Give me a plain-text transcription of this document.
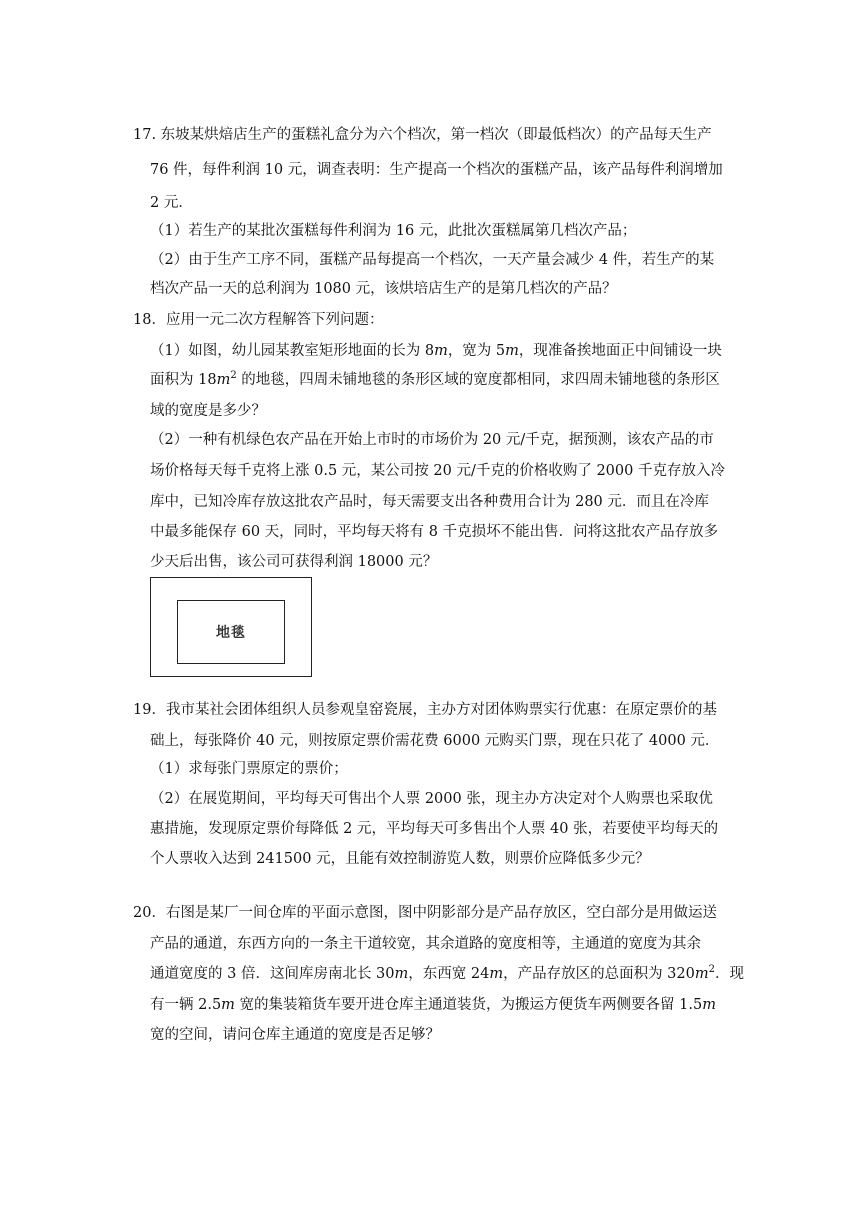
17. 东坡某烘焙店生产的蛋糕礼盒分为六个档次，第一档次（即最低档次）的产品每天生产
76 件，每件利润 10 元，调查表明：生产提高一个档次的蛋糕产品，该产品每件利润增加
2 元．
（1）若生产的某批次蛋糕每件利润为 16 元，此批次蛋糕属第几档次产品；
（2）由于生产工序不同，蛋糕产品每提高一个档次，一天产量会减少 4 件，若生产的某
档次产品一天的总利润为 1080 元，该烘培店生产的是第几档次的产品？
18．应用一元二次方程解答下列问题：
（1）如图，幼儿园某教室矩形地面的长为 8m，宽为 5m，现准备挨地面正中间铺设一块
面积为 $18m^2$ 的地毯，四周未铺地毯的条形区域的宽度都相同，求四周未铺地毯的条形区
域的宽度是多少？
（2）一种有机绿色农产品在开始上市时的市场价为 20 元/千克，据预测，该农产品的市
场价格每天每千克将上涨 0.5 元，某公司按 20 元/千克的价格收购了 2000 千克存放入冷
库中，已知冷库存放这批农产品时，每天需要支出各种费用合计为 280 元．而且在冷库
中最多能保存 60 天，同时，平均每天将有 8 千克损坏不能出售．问将这批农产品存放多
少天后出售，该公司可获得利润 18000 元？
地毯
19．我市某社会团体组织人员参观皇窑瓷展，主办方对团体购票实行优惠：在原定票价的基
础上，每张降价 40 元，则按原定票价需花费 6000 元购买门票，现在只花了 4000 元．
（1）求每张门票原定的票价；
（2）在展览期间，平均每天可售出个人票 2000 张，现主办方决定对个人购票也采取优
惠措施，发现原定票价每降低 2 元，平均每天可多售出个人票 40 张，若要使平均每天的
个人票收入达到 241500 元，且能有效控制游览人数，则票价应降低多少元？
20．右图是某厂一间仓库的平面示意图，图中阴影部分是产品存放区，空白部分是用做运送
产品的通道，东西方向的一条主干道较宽，其余道路的宽度相等，主通道的宽度为其余
通道宽度的 3 倍．这间库房南北长 30m，东西宽 24m，产品存放区的总面积为 $320m^2$．现
有一辆 2.5m 宽的集装箱货车要开进仓库主通道装货，为搬运方便货车两侧要各留 1.5m
宽的空间，请问仓库主通道的宽度是否足够？
